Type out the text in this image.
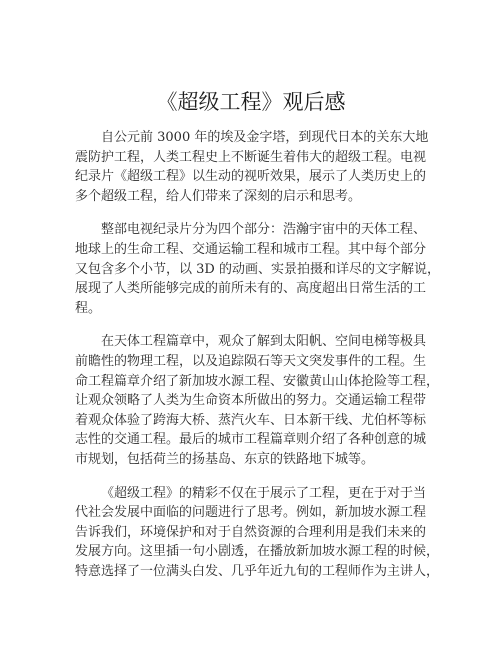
《超级工程》观后感

自公元前 3000 年的埃及金字塔，到现代日本的关东大地
震防护工程，人类工程史上不断诞生着伟大的超级工程。电视
纪录片《超级工程》以生动的视听效果，展示了人类历史上的
多个超级工程，给人们带来了深刻的启示和思考。

整部电视纪录片分为四个部分：浩瀚宇宙中的天体工程、
地球上的生命工程、交通运输工程和城市工程。其中每个部分
又包含多个小节，以 3D 的动画、实景拍摄和详尽的文字解说，
展现了人类所能够完成的前所未有的、高度超出日常生活的工
程。

在天体工程篇章中，观众了解到太阳帆、空间电梯等极具
前瞻性的物理工程，以及追踪陨石等天文突发事件的工程。生
命工程篇章介绍了新加坡水源工程、安徽黄山山体抢险等工程，
让观众领略了人类为生命资本所做出的努力。交通运输工程带
着观众体验了跨海大桥、蒸汽火车、日本新干线、尤伯杯等标
志性的交通工程。最后的城市工程篇章则介绍了各种创意的城
市规划，包括荷兰的扬基岛、东京的铁路地下城等。

《超级工程》的精彩不仅在于展示了工程，更在于对于当
代社会发展中面临的问题进行了思考。例如，新加坡水源工程
告诉我们，环境保护和对于自然资源的合理利用是我们未来的
发展方向。这里插一句小剧透，在播放新加坡水源工程的时候，
特意选择了一位满头白发、几乎年近九旬的工程师作为主讲人，
